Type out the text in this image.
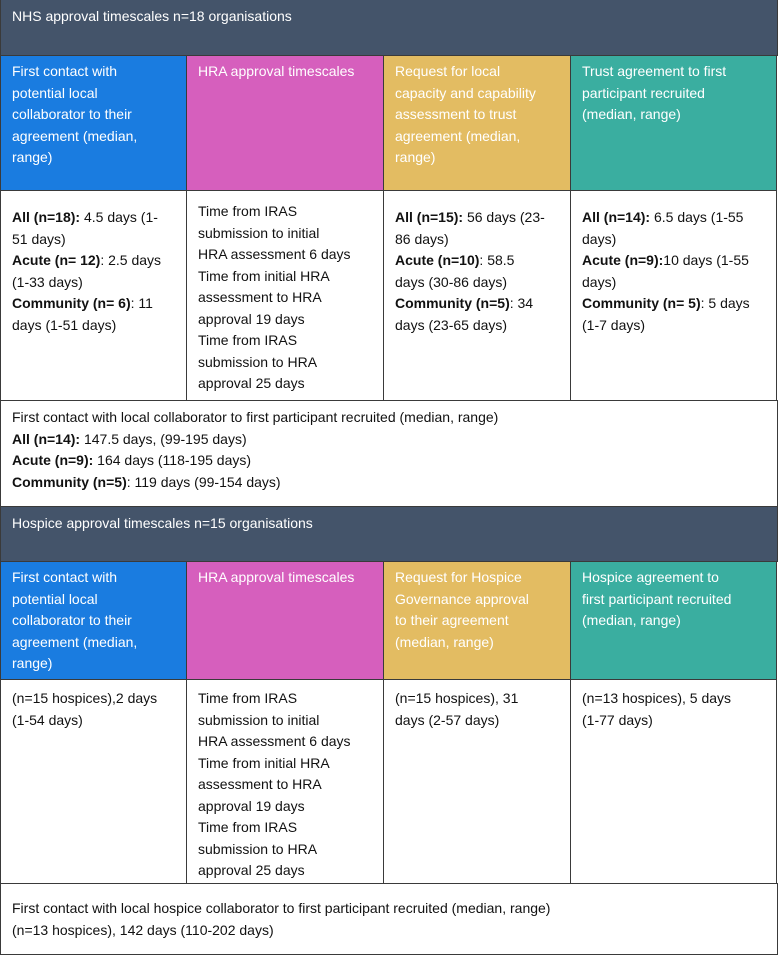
NHS approval timescales n=18 organisations
First contact with
potential local
collaborator to their
agreement (median,
range)
HRA approval timescales	Request for local
capacity and capability
assessment to trust
agreement (median,
range)
Trust agreement to first
participant recruited
(median, range)
All (n=18): 4.5 days (1-
51 days)
Acute (n= 12): 2.5 days
(1-33 days)
Community (n= 6): 11
days (1-51 days)
Time from IRAS
submission to initial
HRA assessment 6 days
Time from initial HRA
assessment to HRA
approval 19 days
Time from IRAS
submission to HRA
approval 25 days
All (n=15): 56 days (23-
86 days)
Acute (n=10): 58.5
days (30-86 days)
Community (n=5): 34
days (23-65 days)
All (n=14): 6.5 days (1-55
days)
Acute (n=9):10 days (1-55
days)
Community (n= 5): 5 days
(1-7 days)
First contact with local collaborator to first participant recruited (median, range)
All (n=14): 147.5 days, (99-195 days)
Acute (n=9): 164 days (118-195 days)
Community (n=5): 119 days (99-154 days)
Hospice approval timescales n=15 organisations
First contact with
potential local
collaborator to their
agreement (median,
range)
HRA approval timescales	Request for Hospice
Governance approval
to their agreement
(median, range)
Hospice agreement to
first participant recruited
(median, range)
(n=15 hospices),2 days
(1-54 days)
Time from IRAS
submission to initial
HRA assessment 6 days
Time from initial HRA
assessment to HRA
approval 19 days
Time from IRAS
submission to HRA
approval 25 days
(n=15 hospices), 31
days (2-57 days)
(n=13 hospices), 5 days
(1-77 days)
First contact with local hospice collaborator to first participant recruited (median, range)
(n=13 hospices), 142 days (110-202 days)
